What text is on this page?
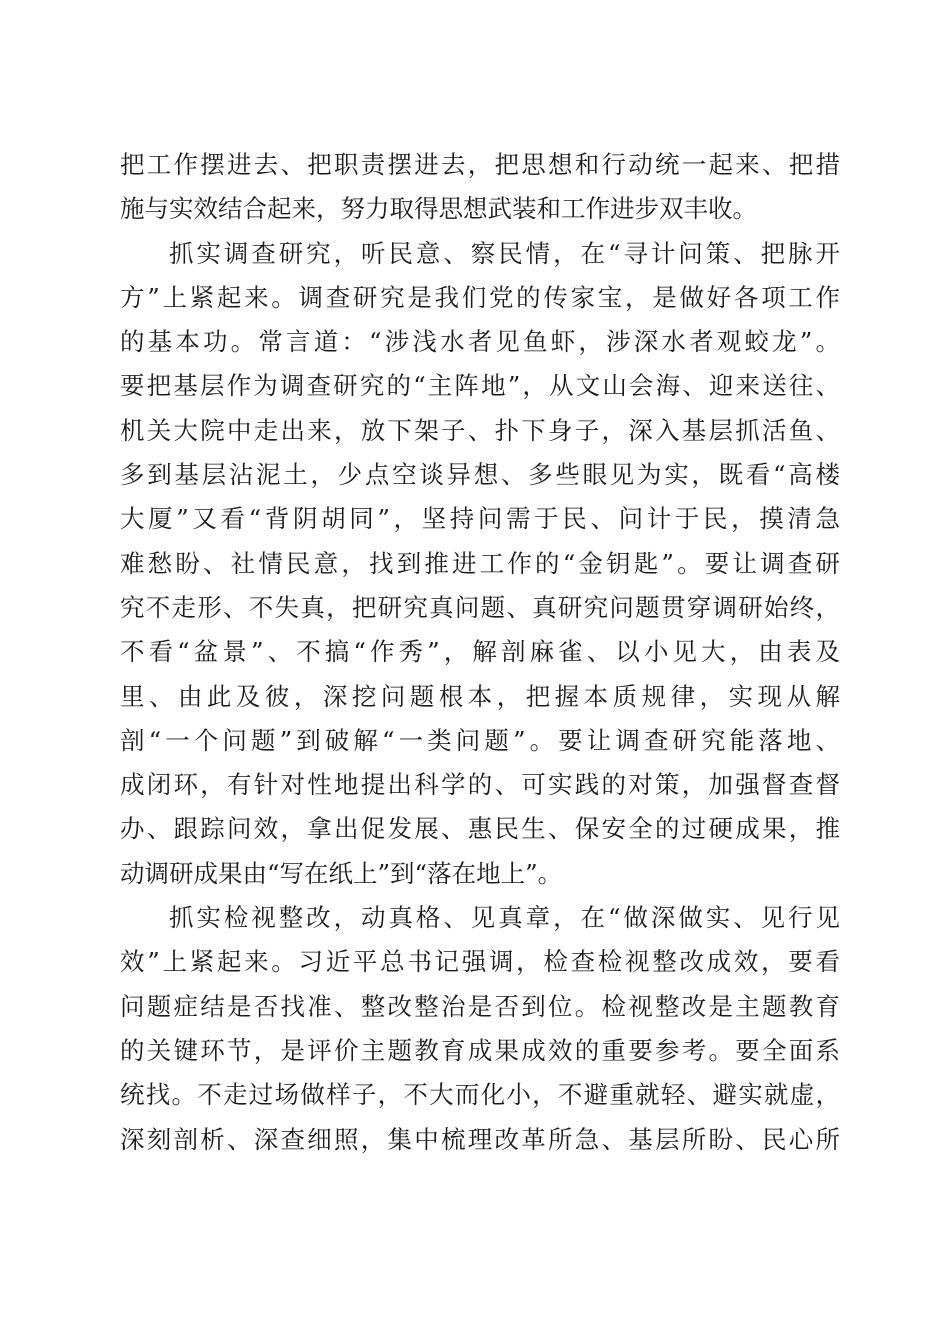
把工作摆进去、把职责摆进去，把思想和行动统一起来、把措
施与实效结合起来，努力取得思想武装和工作进步双丰收。
抓实调查研究，听民意、察民情，在“寻计问策、把脉开
方”上紧起来。调查研究是我们党的传家宝，是做好各项工作
的基本功。常言道：“涉浅水者见鱼虾，涉深水者观蛟龙”。
要把基层作为调查研究的“主阵地”，从文山会海、迎来送往、
机关大院中走出来，放下架子、扑下身子，深入基层抓活鱼、
多到基层沾泥土，少点空谈异想、多些眼见为实，既看“高楼
大厦”又看“背阴胡同”，坚持问需于民、问计于民，摸清急
难愁盼、社情民意，找到推进工作的“金钥匙”。要让调查研
究不走形、不失真，把研究真问题、真研究问题贯穿调研始终，
不看“盆景”、不搞“作秀”，解剖麻雀、以小见大，由表及
里、由此及彼，深挖问题根本，把握本质规律，实现从解
剖“一个问题”到破解“一类问题”。要让调查研究能落地、
成闭环，有针对性地提出科学的、可实践的对策，加强督查督
办、跟踪问效，拿出促发展、惠民生、保安全的过硬成果，推
动调研成果由“写在纸上”到“落在地上”。
抓实检视整改，动真格、见真章，在“做深做实、见行见
效”上紧起来。习近平总书记强调，检查检视整改成效，要看
问题症结是否找准、整改整治是否到位。检视整改是主题教育
的关键环节，是评价主题教育成果成效的重要参考。要全面系
统找。不走过场做样子，不大而化小，不避重就轻、避实就虚，
深刻剖析、深查细照，集中梳理改革所急、基层所盼、民心所
